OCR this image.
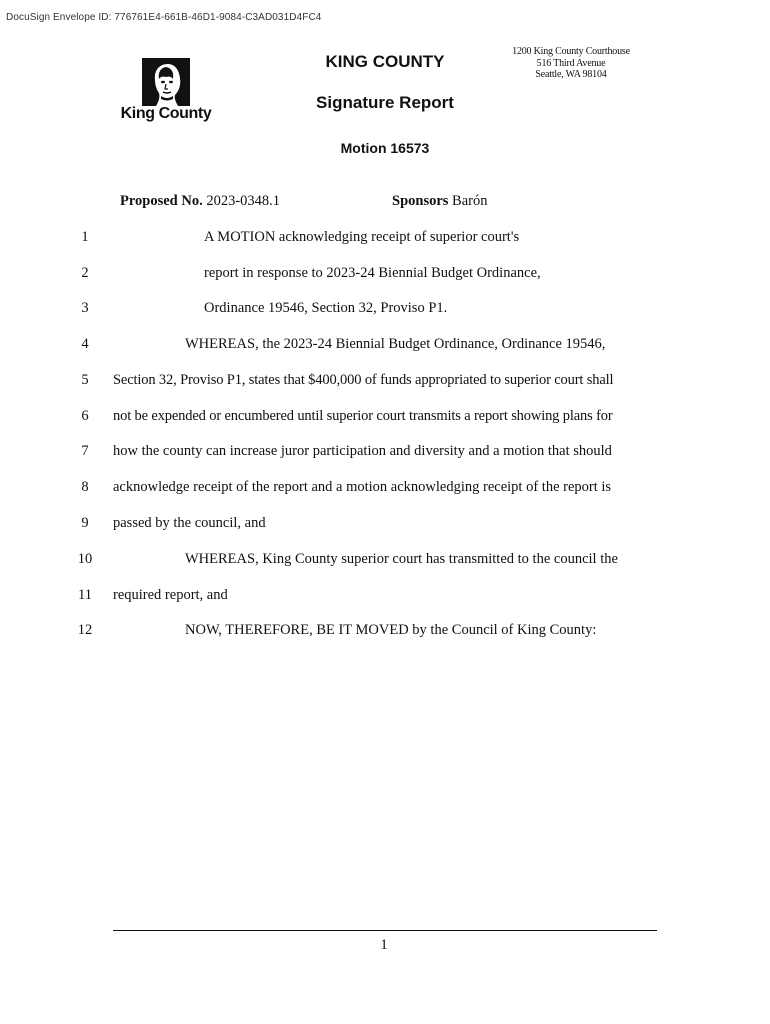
DocuSign Envelope ID: 776761E4-661B-46D1-9084-C3AD031D4FC4
King County
KING COUNTY
1200 King County Courthouse
516 Third Avenue
Seattle, WA 98104
Signature Report
Motion 16573
Proposed No. 2023-0348.1	Sponsors Barón
1	A MOTION acknowledging receipt of superior court's
2	report in response to 2023-24 Biennial Budget Ordinance,
3	Ordinance 19546, Section 32, Proviso P1.
4	WHEREAS, the 2023-24 Biennial Budget Ordinance, Ordinance 19546,
5	Section 32, Proviso P1, states that $400,000 of funds appropriated to superior court shall
6	not be expended or encumbered until superior court transmits a report showing plans for
7	how the county can increase juror participation and diversity and a motion that should
8	acknowledge receipt of the report and a motion acknowledging receipt of the report is
9	passed by the council, and
10	WHEREAS, King County superior court has transmitted to the council the
11 required report, and
12	NOW, THEREFORE, BE IT MOVED by the Council of King County:
1
